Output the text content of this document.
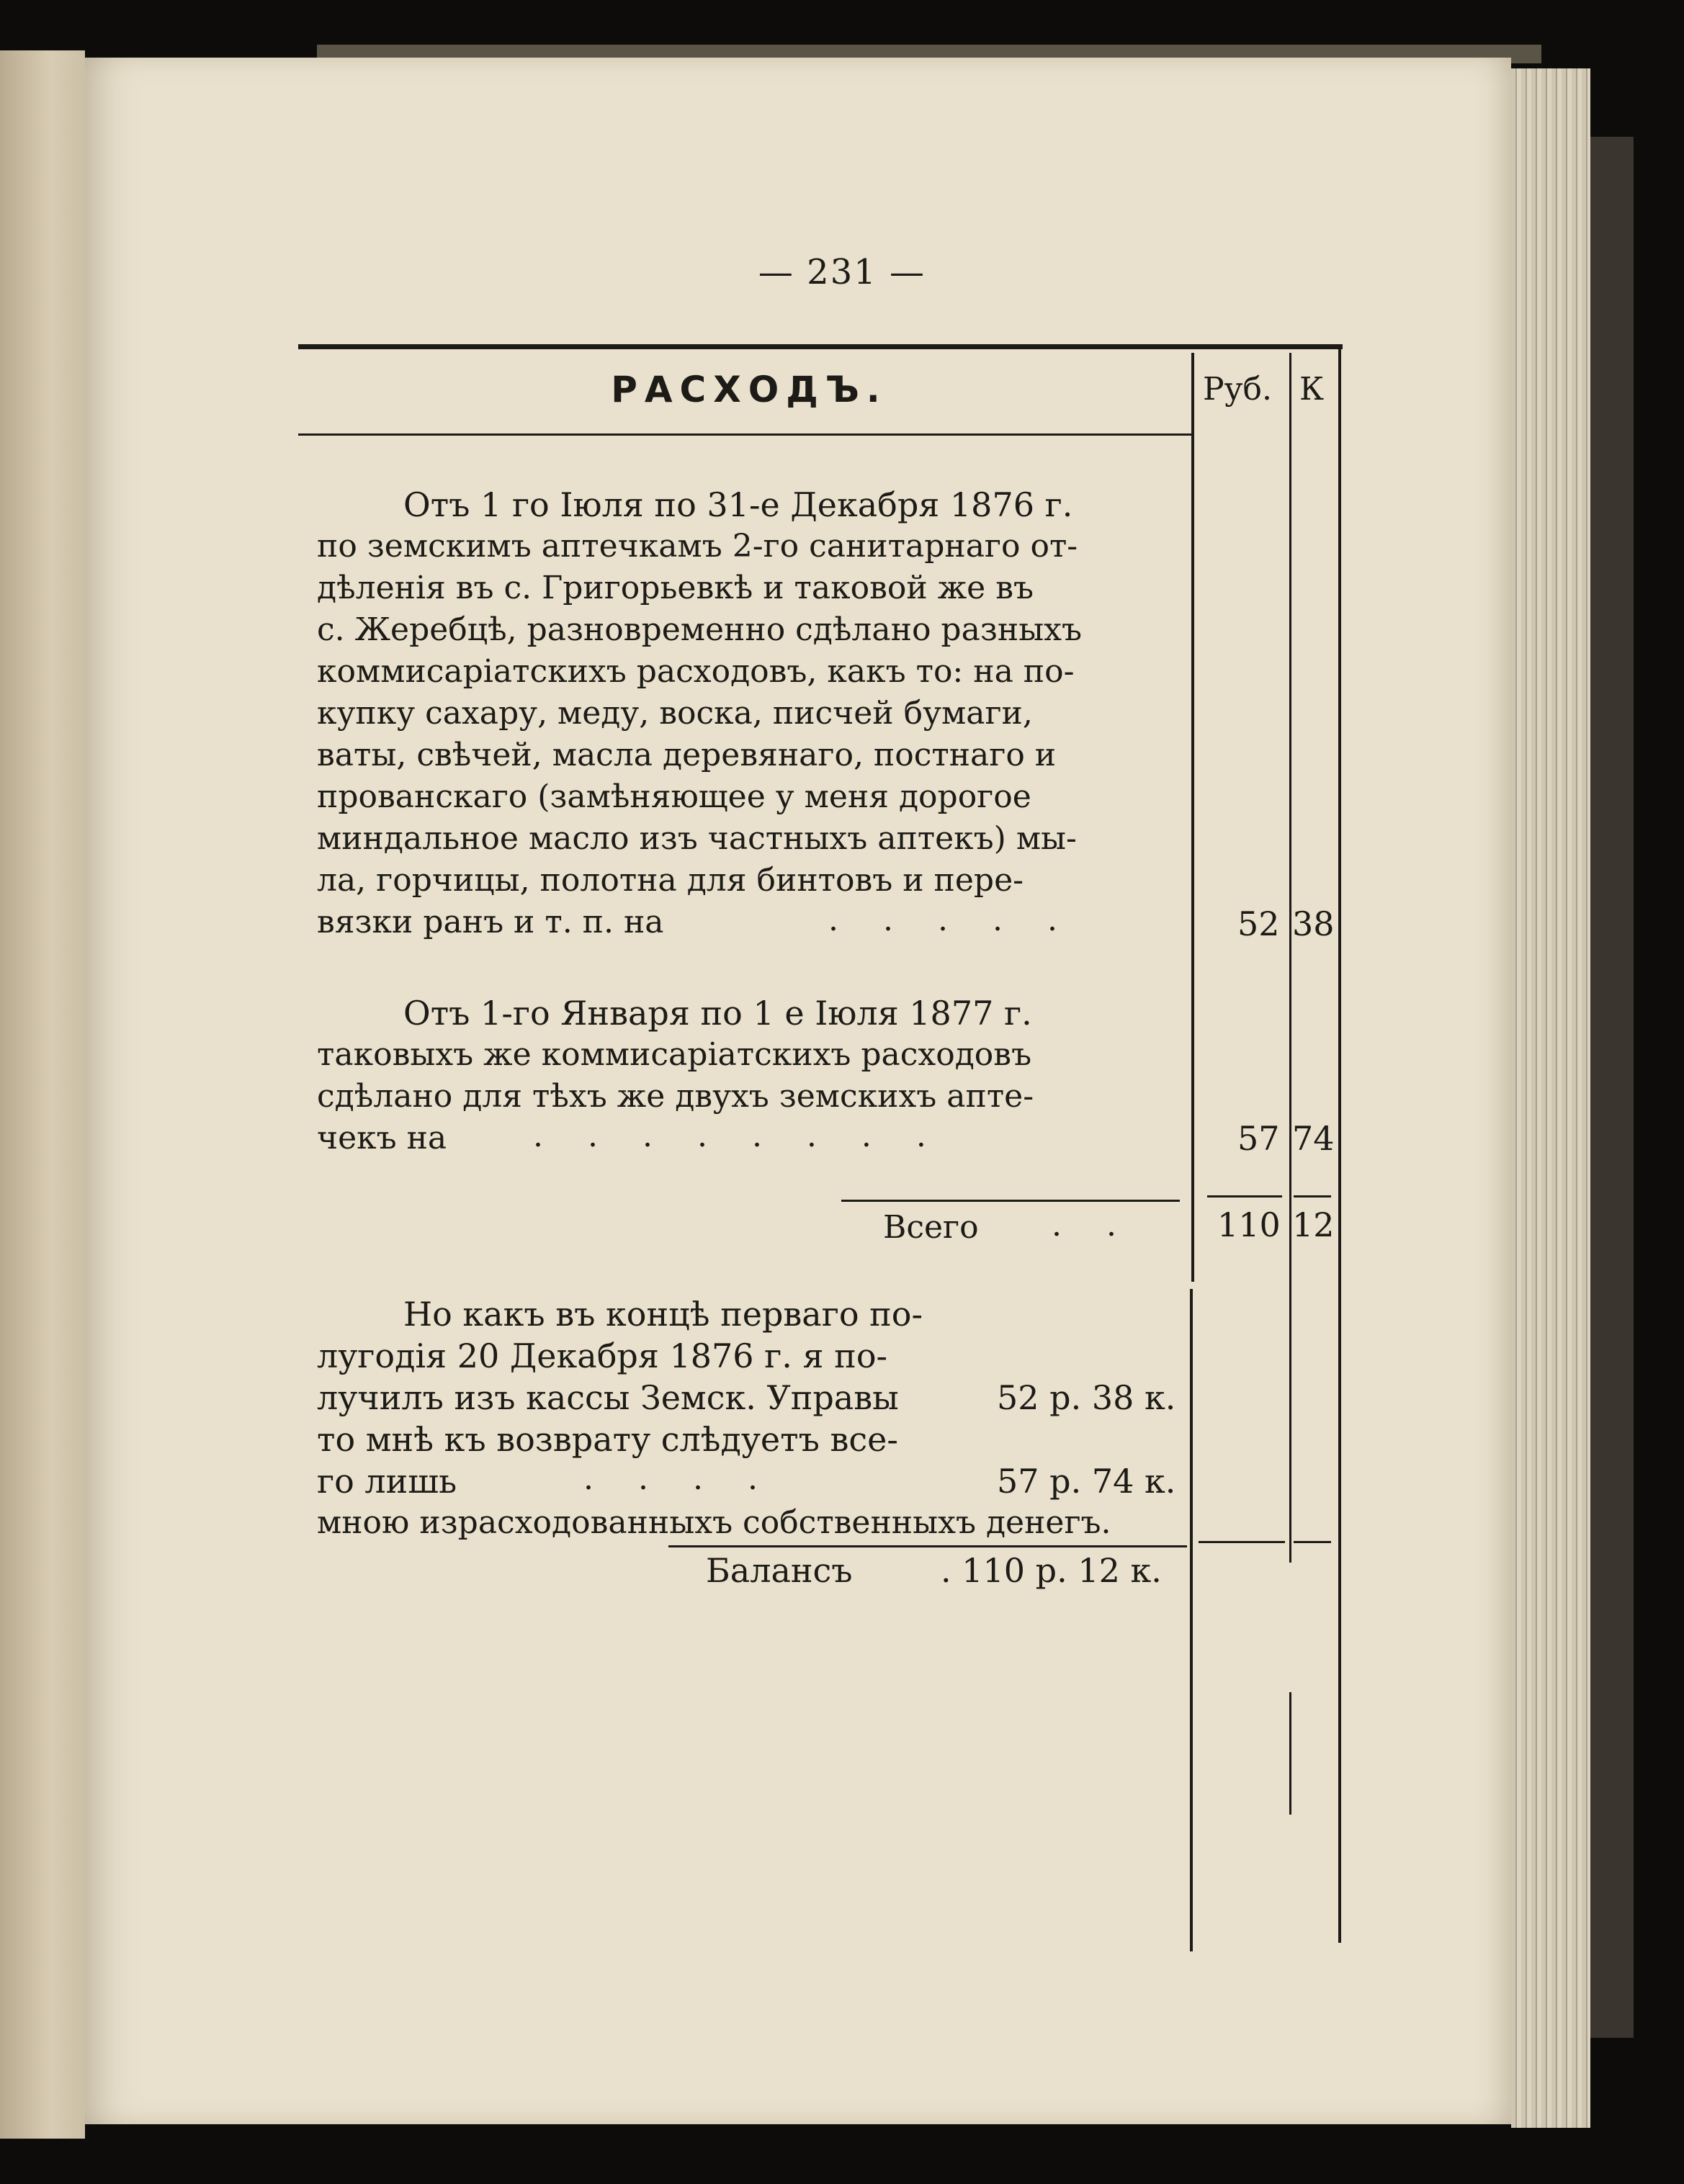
— 231 —
РАСХОДЪ.	Руб. К
Отъ 1 го Іюля по 31-е Декабря 1876 г.
по земскимъ аптечкамъ 2-го санитарнаго от-
дѣленія въ с. Григорьевкѣ и таковой же въ
с. Жеребцѣ, разновременно сдѣлано разныхъ
коммисаріатскихъ расходовъ, какъ то: на по-
купку сахару, меду, воска, писчей бумаги,
ваты, свѣчей, масла деревянаго, постнаго и
прованскаго (замѣняющее у меня дорогое
миндальное масло изъ частныхъ аптекъ) мы-
ла, горчицы, полотна для бинтовъ и пере-
вязки ранъ и т. п. на	.....	52 38
Отъ 1-го Января по 1 е Іюля 1877 г.
таковыхъ же коммисаріатскихъ расходовъ
сдѣлано для тѣхъ же двухъ земскихъ апте-
чекъ на	........	57 74
Всего .. 110 12
Но какъ въ концѣ перваго по-
лугодія 20 Декабря 1876 г. я по-
лучилъ изъ кассы Земск. Управы	52 р. 38 к.
то мнѣ къ возврату слѣдуетъ все-
го лишь	....	57 р. 74 к.
мною израсходованныхъ собственныхъ денегъ.
Балансъ	. 110 р. 12 к.
